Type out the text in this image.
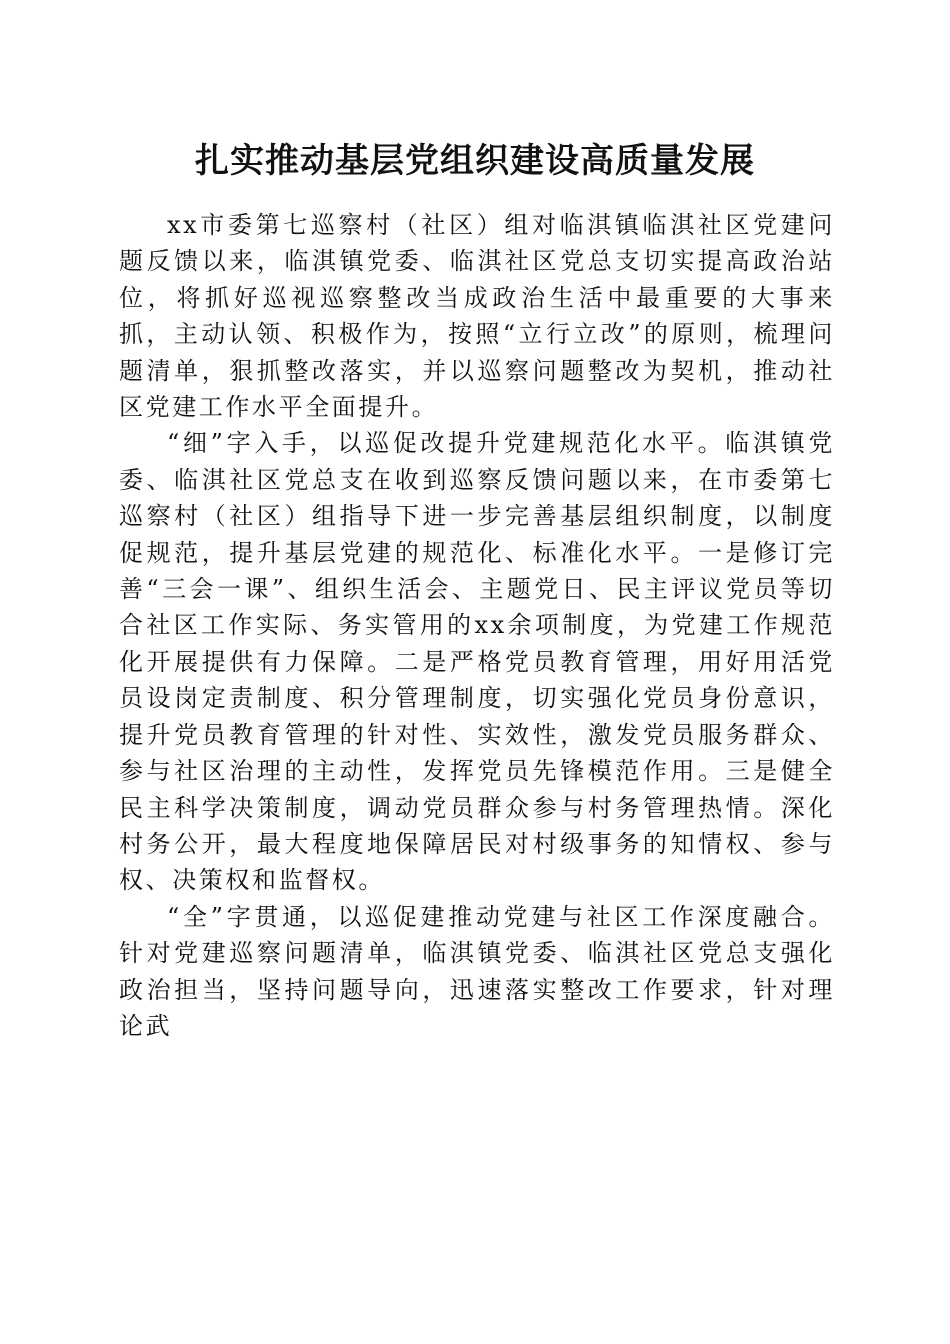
扎实推动基层党组织建设高质量发展

xx市委第七巡察村（社区）组对临淇镇临淇社区党建问题反馈以来，临淇镇党委、临淇社区党总支切实提高政治站位，将抓好巡视巡察整改当成政治生活中最重要的大事来抓，主动认领、积极作为，按照“立行立改”的原则，梳理问题清单，狠抓整改落实，并以巡察问题整改为契机，推动社区党建工作水平全面提升。

“细”字入手，以巡促改提升党建规范化水平。临淇镇党委、临淇社区党总支在收到巡察反馈问题以来，在市委第七巡察村（社区）组指导下进一步完善基层组织制度，以制度促规范，提升基层党建的规范化、标准化水平。一是修订完善“三会一课”、组织生活会、主题党日、民主评议党员等切合社区工作实际、务实管用的xx余项制度，为党建工作规范化开展提供有力保障。二是严格党员教育管理，用好用活党员设岗定责制度、积分管理制度，切实强化党员身份意识，提升党员教育管理的针对性、实效性，激发党员服务群众、参与社区治理的主动性，发挥党员先锋模范作用。三是健全民主科学决策制度，调动党员群众参与村务管理热情。深化村务公开，最大程度地保障居民对村级事务的知情权、参与权、决策权和监督权。

“全”字贯通，以巡促建推动党建与社区工作深度融合。针对党建巡察问题清单，临淇镇党委、临淇社区党总支强化政治担当，坚持问题导向，迅速落实整改工作要求，针对理论武
